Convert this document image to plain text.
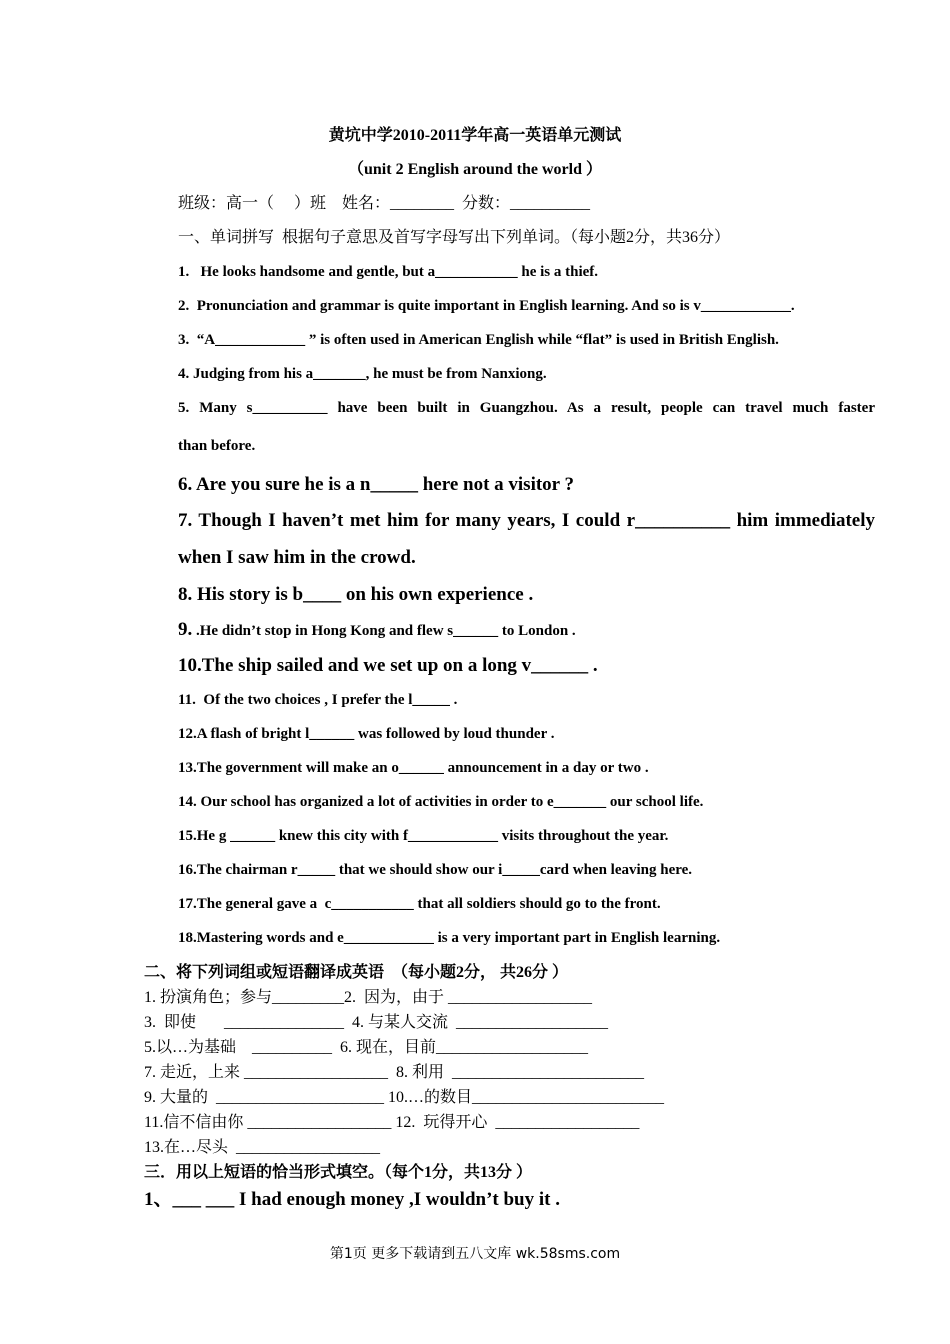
黄坑中学2010-2011学年高一英语单元测试
（unit 2 English around the world ）
班级：高一（     ）班    姓名：________  分数：__________
一、单词拼写  根据句子意思及首写字母写出下列单词。（每小题2分，共36分）
1.   He looks handsome and gentle, but a___________ he is a thief.
2.  Pronunciation and grammar is quite important in English learning. And so is v____________.
3.  “A____________ ” is often used in American English while “flat” is used in British English.
4. Judging from his a_______, he must be from Nanxiong.
5. Many s__________ have been built in Guangzhou. As a result, people can travel much faster
than before.
6. Are you sure he is a n_____ here not a visitor ?
7. Though I haven’t met him for many years, I could r__________ him immediately
when I saw him in the crowd.
8. His story is b____ on his own experience .
9. .He didn’t stop in Hong Kong and flew s______ to London .
10.The ship sailed and we set up on a long v______ .
11.  Of the two choices , I prefer the l_____ .
12.A flash of bright l______ was followed by loud thunder .
13.The government will make an o______ announcement in a day or two .
14. Our school has organized a lot of activities in order to e_______ our school life.
15.He g ______ knew this city with f____________ visits throughout the year.
16.The chairman r_____ that we should show our i_____card when leaving here.
17.The general gave a  c___________ that all soldiers should go to the front.
18.Mastering words and e____________ is a very important part in English learning.
二、将下列词组或短语翻译成英语  （每小题2分， 共26分 ）
1. 扮演角色；参与_________2.  因为，由于 __________________
3.  即使       _______________  4. 与某人交流  ___________________
5.以…为基础    __________  6. 现在，目前___________________
7. 走近，上来 __________________  8. 利用  ________________________
9. 大量的  _____________________ 10.…的数目________________________
11.信不信由你 __________________ 12.  玩得开心  __________________
13.在…尽头  __________________
三．用以上短语的恰当形式填空。（每个1分，共13分 ）
1、___ ___ I had enough money ,I wouldn’t buy it .
第1页 更多下载请到五八文库 wk.58sms.com
